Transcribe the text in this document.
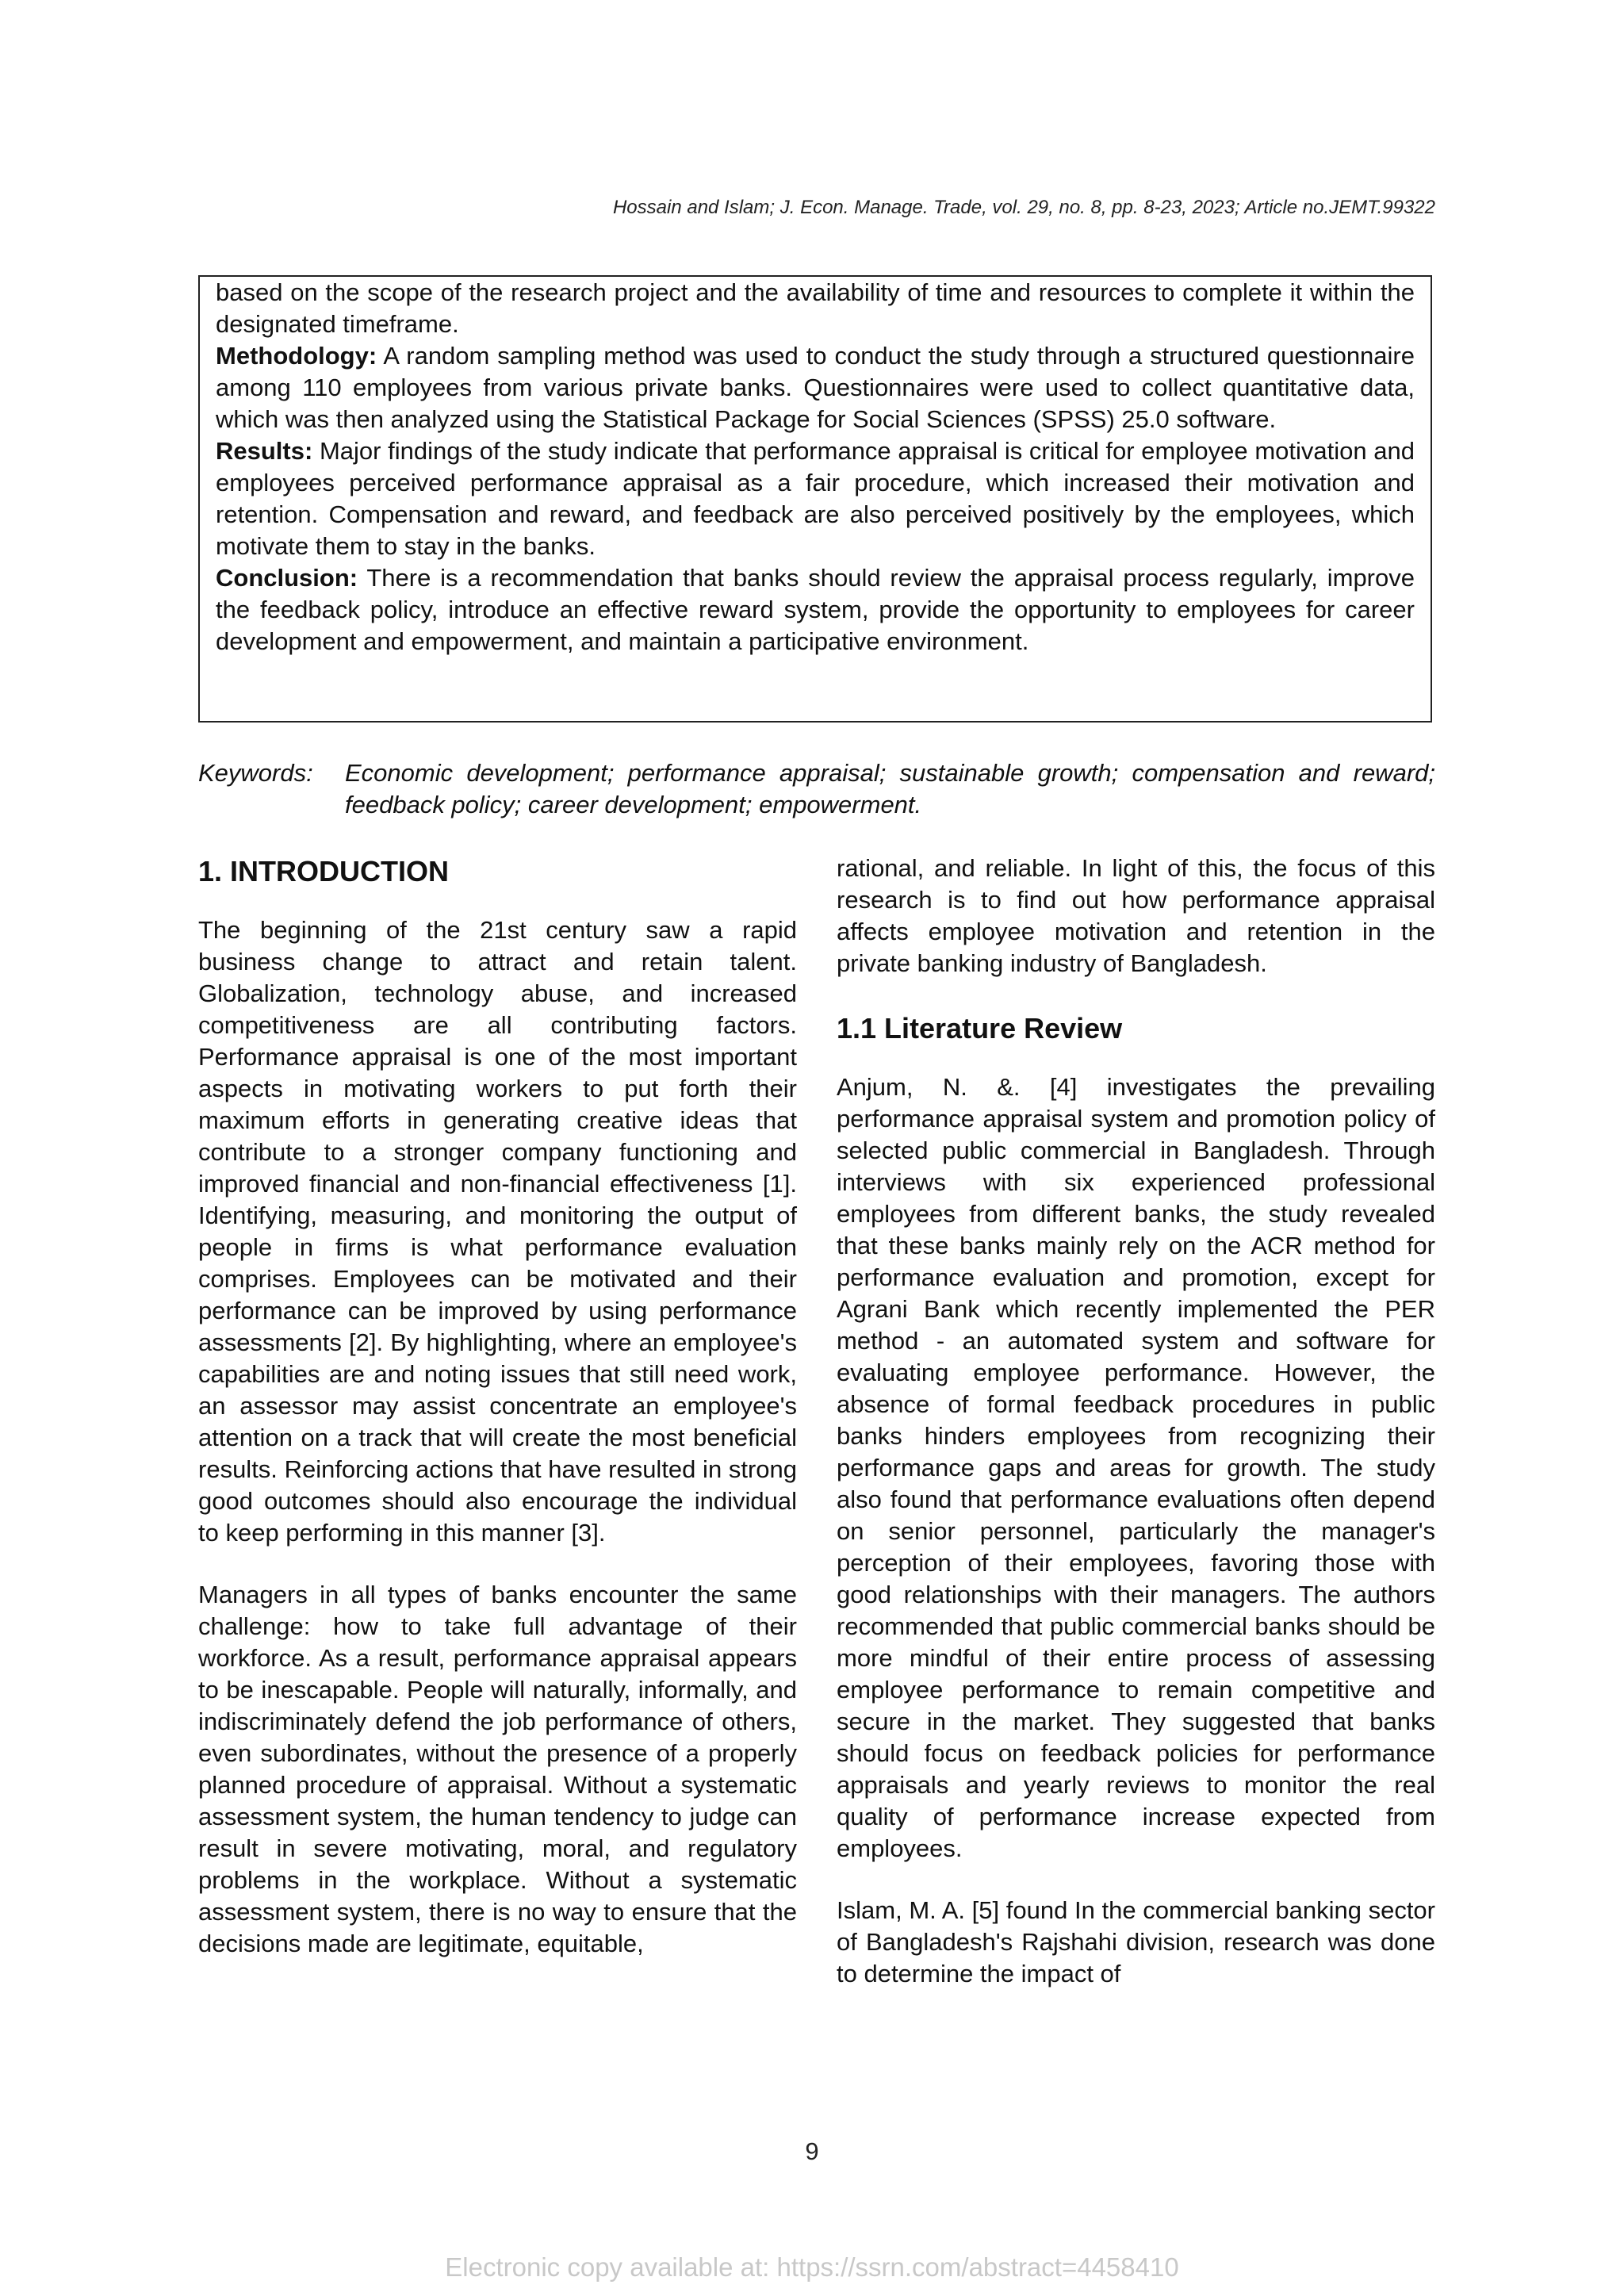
Hossain and Islam; J. Econ. Manage. Trade, vol. 29, no. 8, pp. 8-23, 2023; Article no.JEMT.99322

based on the scope of the research project and the availability of time and resources to complete it within the designated timeframe.

Methodology: A random sampling method was used to conduct the study through a structured questionnaire among 110 employees from various private banks. Questionnaires were used to collect quantitative data, which was then analyzed using the Statistical Package for Social Sciences (SPSS) 25.0 software.

Results: Major findings of the study indicate that performance appraisal is critical for employee motivation and employees perceived performance appraisal as a fair procedure, which increased their motivation and retention. Compensation and reward, and feedback are also perceived positively by the employees, which motivate them to stay in the banks.

Conclusion: There is a recommendation that banks should review the appraisal process regularly, improve the feedback policy, introduce an effective reward system, provide the opportunity to employees for career development and empowerment, and maintain a participative environment.

Keywords:	Economic development; performance appraisal; sustainable growth; compensation and reward; feedback policy; career development; empowerment.
1. INTRODUCTION

The beginning of the 21st century saw a rapid business change to attract and retain talent. Globalization, technology abuse, and increased competitiveness are all contributing factors. Performance appraisal is one of the most important aspects in motivating workers to put forth their maximum efforts in generating creative ideas that contribute to a stronger company functioning and improved financial and non-financial effectiveness [1]. Identifying, measuring, and monitoring the output of people in firms is what performance evaluation comprises. Employees can be motivated and their performance can be improved by using performance assessments [2]. By highlighting, where an employee's capabilities are and noting issues that still need work, an assessor may assist concentrate an employee's attention on a track that will create the most beneficial results. Reinforcing actions that have resulted in strong good outcomes should also encourage the individual to keep performing in this manner [3].

Managers in all types of banks encounter the same challenge: how to take full advantage of their workforce. As a result, performance appraisal appears to be inescapable. People will naturally, informally, and indiscriminately defend the job performance of others, even subordinates, without the presence of a properly planned procedure of appraisal. Without a systematic assessment system, the human tendency to judge can result in severe motivating, moral, and regulatory problems in the workplace. Without a systematic assessment system, there is no way to ensure that the decisions made are legitimate, equitable,

rational, and reliable. In light of this, the focus of this research is to find out how performance appraisal affects employee motivation and retention in the private banking industry of Bangladesh.

1.1 Literature Review

Anjum, N. &. [4] investigates the prevailing performance appraisal system and promotion policy of selected public commercial in Bangladesh. Through interviews with six experienced professional employees from different banks, the study revealed that these banks mainly rely on the ACR method for performance evaluation and promotion, except for Agrani Bank which recently implemented the PER method - an automated system and software for evaluating employee performance. However, the absence of formal feedback procedures in public banks hinders employees from recognizing their performance gaps and areas for growth. The study also found that performance evaluations often depend on senior personnel, particularly the manager's perception of their employees, favoring those with good relationships with their managers. The authors recommended that public commercial banks should be more mindful of their entire process of assessing employee performance to remain competitive and secure in the market. They suggested that banks should focus on feedback policies for performance appraisals and yearly reviews to monitor the real quality of performance increase expected from employees.

Islam, M. A. [5] found In the commercial banking sector of Bangladesh's Rajshahi division, research was done to determine the impact of

9
Electronic copy available at: https://ssrn.com/abstract=4458410
